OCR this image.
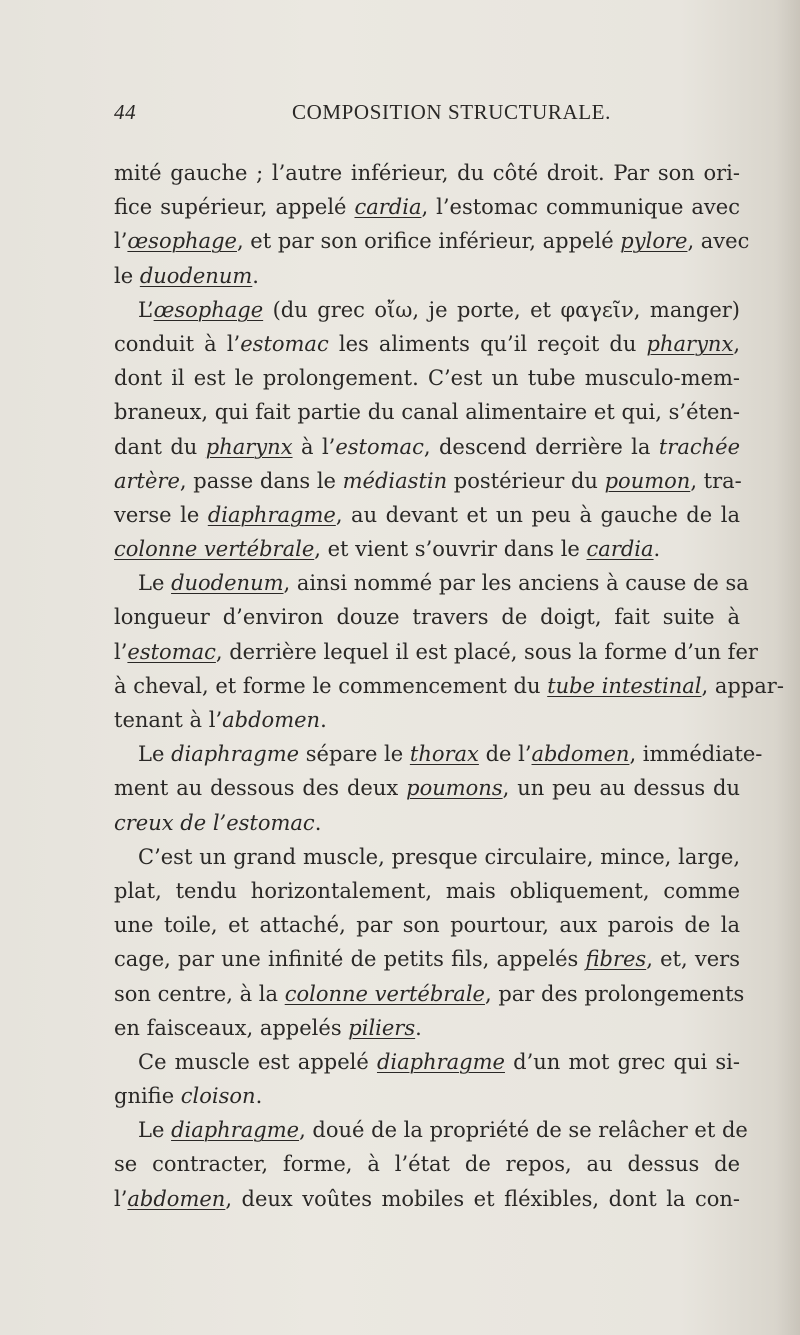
44	COMPOSITION STRUCTURALE.
mité gauche ; l’autre inférieur, du côté droit. Par son ori-
fice supérieur, appelé cardia, l’estomac communique avec
l’œsophage, et par son orifice inférieur, appelé pylore, avec
le duodenum.
L’œsophage (du grec οἴω, je porte, et φαγεῖν, manger)
conduit à l’estomac les aliments qu’il reçoit du pharynx,
dont il est le prolongement. C’est un tube musculo-mem-
braneux, qui fait partie du canal alimentaire et qui, s’éten-
dant du pharynx à l’estomac, descend derrière la trachée
artère, passe dans le médiastin postérieur du poumon, tra-
verse le diaphragme, au devant et un peu à gauche de la
colonne vertébrale, et vient s’ouvrir dans le cardia.
Le duodenum, ainsi nommé par les anciens à cause de sa
longueur d’environ douze travers de doigt, fait suite à
l’estomac, derrière lequel il est placé, sous la forme d’un fer
à cheval, et forme le commencement du tube intestinal, appar-
tenant à l’abdomen.
Le diaphragme sépare le thorax de l’abdomen, immédiate-
ment au dessous des deux poumons, un peu au dessus du
creux de l’estomac.
C’est un grand muscle, presque circulaire, mince, large,
plat, tendu horizontalement, mais obliquement, comme
une toile, et attaché, par son pourtour, aux parois de la
cage, par une infinité de petits fils, appelés fibres, et, vers
son centre, à la colonne vertébrale, par des prolongements
en faisceaux, appelés piliers.
Ce muscle est appelé diaphragme d’un mot grec qui si-
gnifie cloison.
Le diaphragme, doué de la propriété de se relâcher et de
se contracter, forme, à l’état de repos, au dessus de
l’abdomen, deux voûtes mobiles et fléxibles, dont la con-
